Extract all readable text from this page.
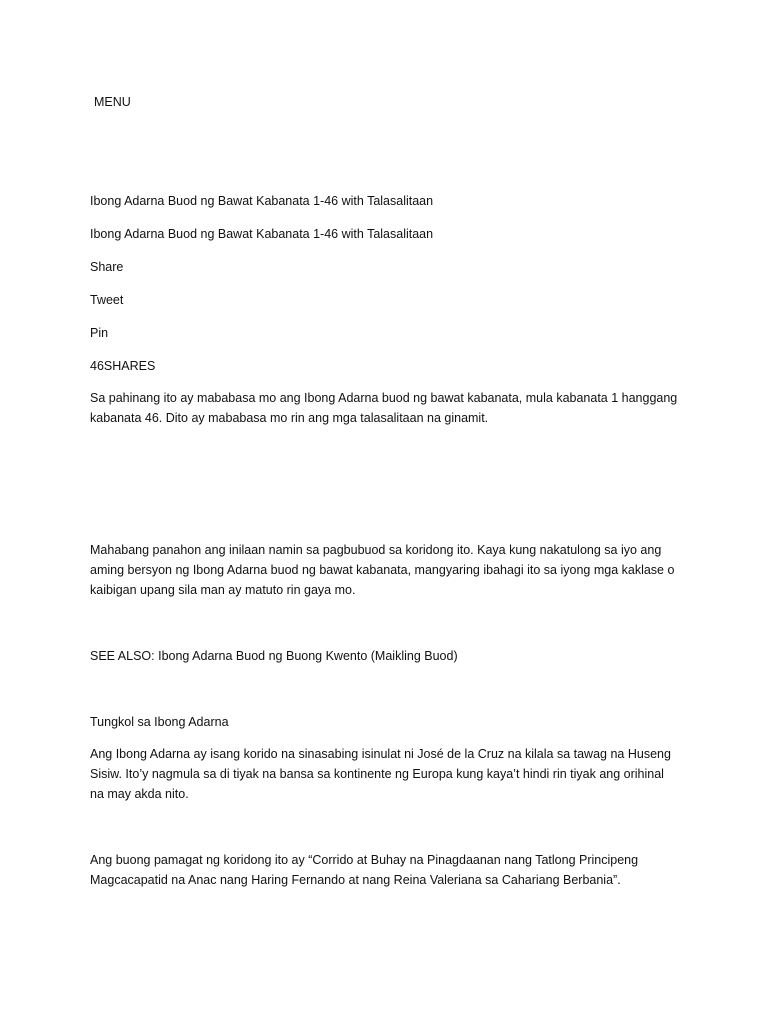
MENU

Ibong Adarna Buod ng Bawat Kabanata 1-46 with Talasalitaan

Ibong Adarna Buod ng Bawat Kabanata 1-46 with Talasalitaan

Share

Tweet

Pin

46SHARES

Sa pahinang ito ay mababasa mo ang Ibong Adarna buod ng bawat kabanata, mula kabanata 1 hanggang kabanata 46. Dito ay mababasa mo rin ang mga talasalitaan na ginamit.

Mahabang panahon ang inilaan namin sa pagbubuod sa koridong ito. Kaya kung nakatulong sa iyo ang aming bersyon ng Ibong Adarna buod ng bawat kabanata, mangyaring ibahagi ito sa iyong mga kaklase o kaibigan upang sila man ay matuto rin gaya mo.

SEE ALSO: Ibong Adarna Buod ng Buong Kwento (Maikling Buod)

Tungkol sa Ibong Adarna

Ang Ibong Adarna ay isang korido na sinasabing isinulat ni José de la Cruz na kilala sa tawag na Huseng Sisiw. Ito’y nagmula sa di tiyak na bansa sa kontinente ng Europa kung kaya’t hindi rin tiyak ang orihinal na may akda nito.

Ang buong pamagat ng koridong ito ay “Corrido at Buhay na Pinagdaanan nang Tatlong Principeng Magcacapatid na Anac nang Haring Fernando at nang Reina Valeriana sa Cahariang Berbania”.
